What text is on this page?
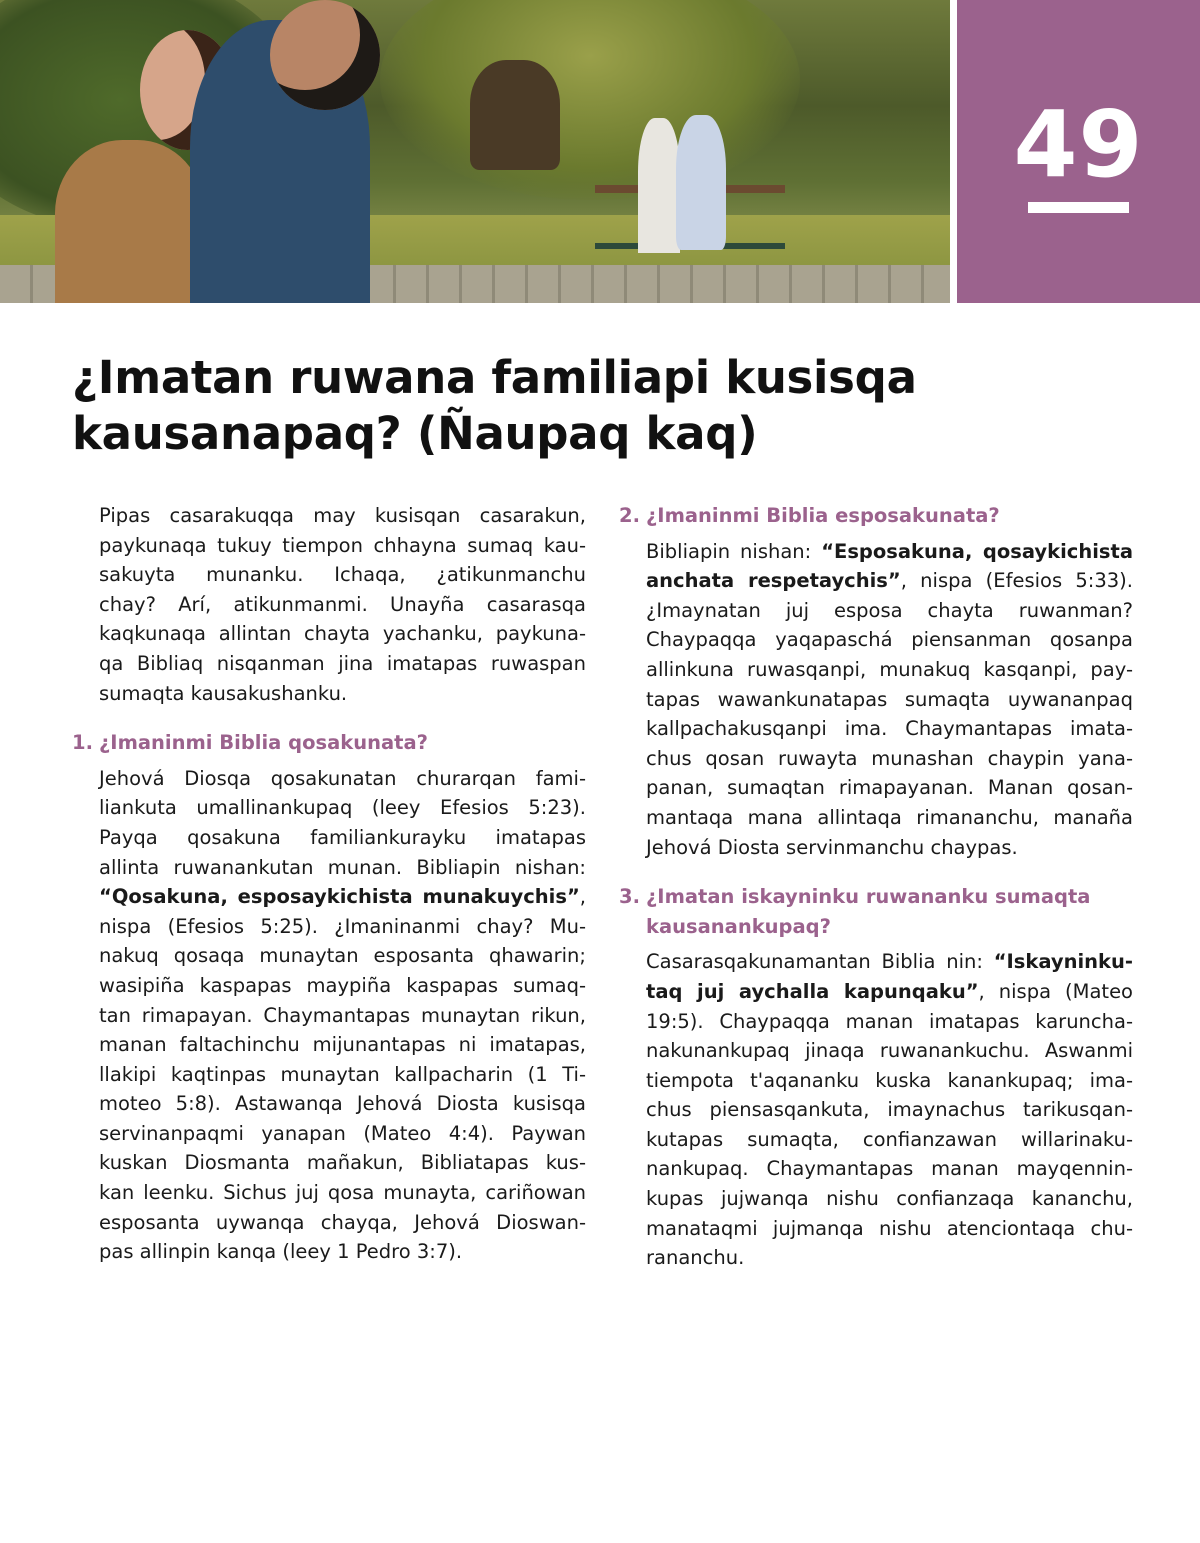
49
¿Imatan ruwana familiapi kusisqa
kausanapaq? (Ñaupaq kaq)
Pipas casarakuqqa may kusisqan casarakun,
paykunaqa tukuy tiempon chhayna sumaq kau-
sakuyta munanku. Ichaqa, ¿atikunmanchu
chay? Arí, atikunmanmi. Unayña casarasqa
kaqkunaqa allintan chayta yachanku, paykuna-
qa Bibliaq nisqanman jina imatapas ruwaspan
sumaqta kausakushanku.
1. ¿Imaninmi Biblia qosakunata?
Jehová Diosqa qosakunatan churarqan fami-
liankuta umallinankupaq (leey Efesios 5:23).
Payqa qosakuna familiankurayku imatapas
allinta ruwanankutan munan. Bibliapin nishan:
“Qosakuna, esposaykichista munakuychis”,
nispa (Efesios 5:25). ¿Imaninanmi chay? Mu-
nakuq qosaqa munaytan esposanta qhawarin;
wasipiña kaspapas maypiña kaspapas sumaq-
tan rimapayan. Chaymantapas munaytan rikun,
manan faltachinchu mijunantapas ni imatapas,
llakipi kaqtinpas munaytan kallpacharin (1 Ti-
moteo 5:8). Astawanqa Jehová Diosta kusisqa
servinanpaqmi yanapan (Mateo 4:4). Paywan
kuskan Diosmanta mañakun, Bibliatapas kus-
kan leenku. Sichus juj qosa munayta, cariñowan
esposanta uywanqa chayqa, Jehová Dioswan-
pas allinpin kanqa (leey 1 Pedro 3:7).
2. ¿Imaninmi Biblia esposakunata?
Bibliapin nishan: “Esposakuna, qosaykichista
anchata respetaychis”, nispa (Efesios 5:33).
¿Imaynatan juj esposa chayta ruwanman?
Chaypaqqa yaqapaschá piensanman qosanpa
allinkuna ruwasqanpi, munakuq kasqanpi, pay-
tapas wawankunatapas sumaqta uywananpaq
kallpachakusqanpi ima. Chaymantapas imata-
chus qosan ruwayta munashan chaypin yana-
panan, sumaqtan rimapayanan. Manan qosan-
mantaqa mana allintaqa rimananchu, manaña
Jehová Diosta servinmanchu chaypas.
3. ¿Imatan iskayninku ruwananku sumaqta
kausanankupaq?
Casarasqakunamantan Biblia nin: “Iskayninku-
taq juj aychalla kapunqaku”, nispa (Mateo
19:5). Chaypaqqa manan imatapas karuncha-
nakunankupaq jinaqa ruwanankuchu. Aswanmi
tiempota t'aqananku kuska kanankupaq; ima-
chus piensasqankuta, imaynachus tarikusqan-
kutapas sumaqta, confianzawan willarinaku-
nankupaq. Chaymantapas manan mayqennin-
kupas jujwanqa nishu confianzaqa kananchu,
manataqmi jujmanqa nishu atenciontaqa chu-
rananchu.
